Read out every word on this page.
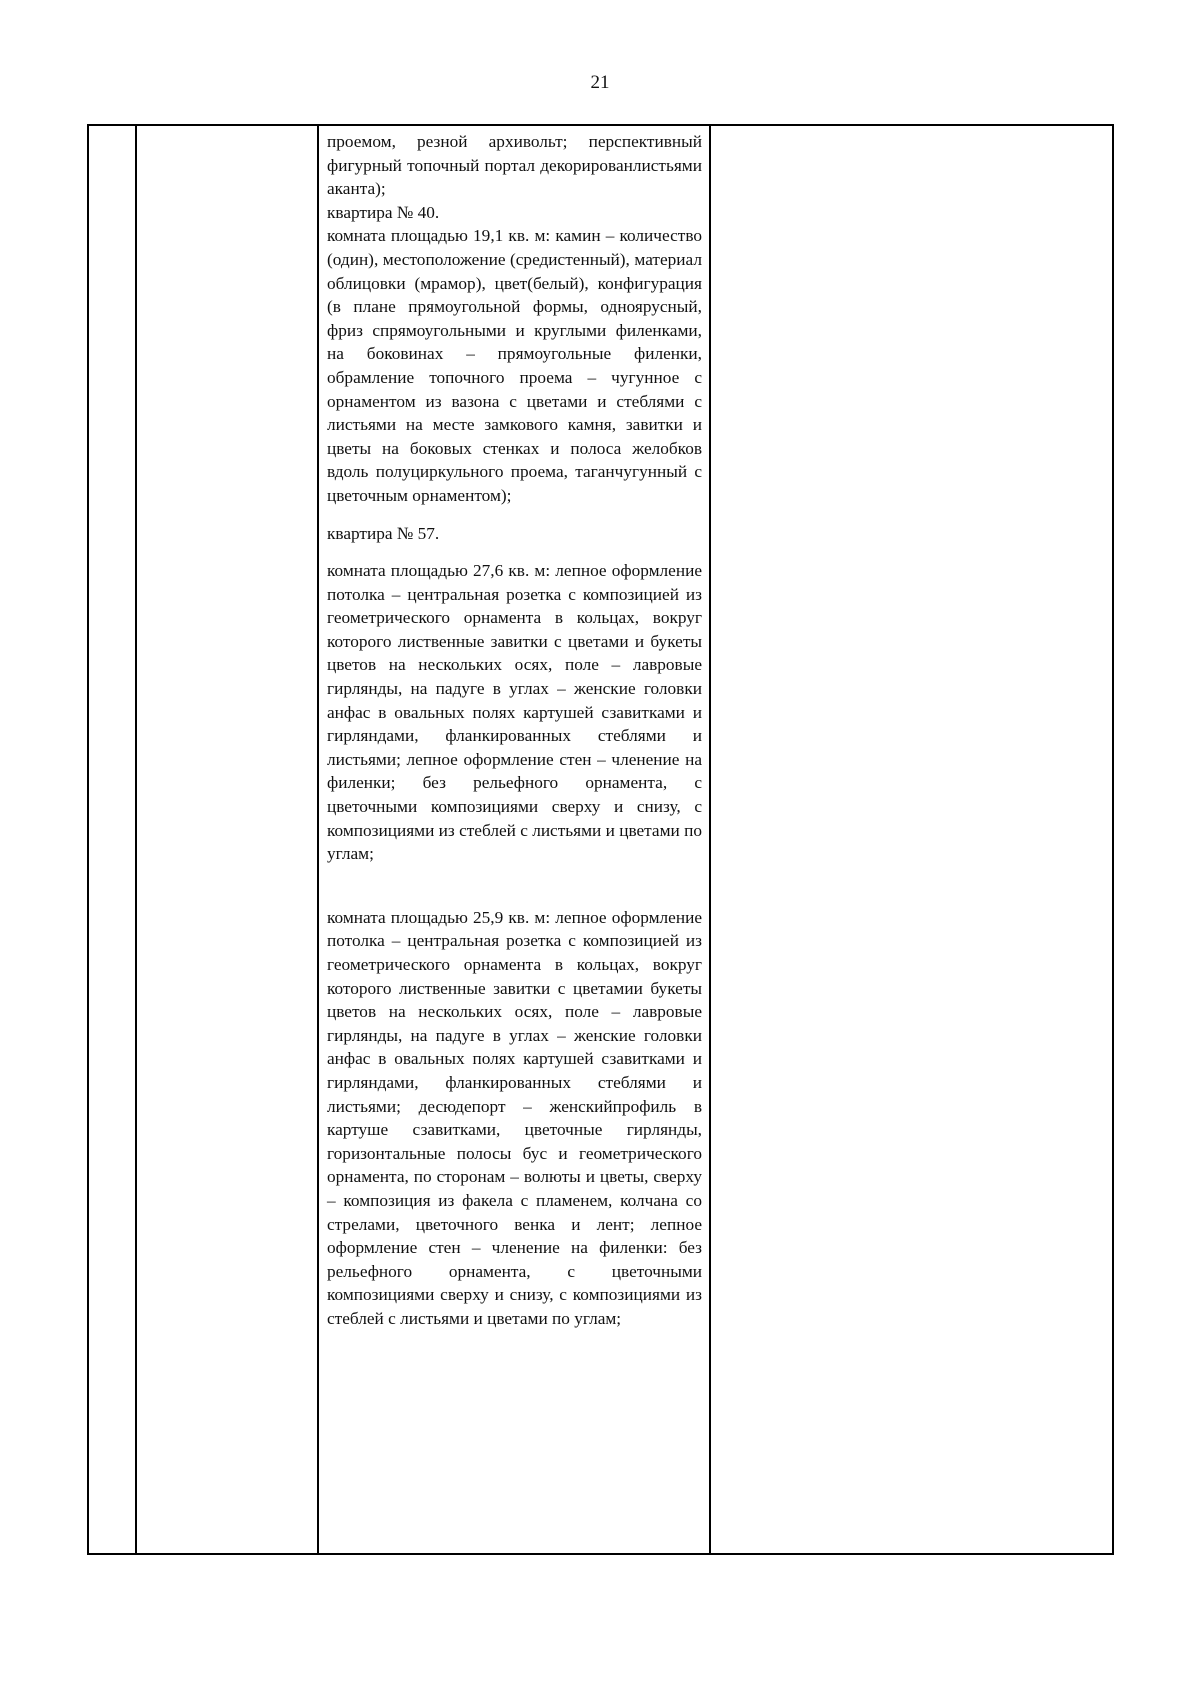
21

проемом, резной архивольт; перспективный фигурный топочный портал декорированлистьями аканта);

квартира № 40.

комната площадью 19,1 кв. м: камин – количество (один), местоположение (средистенный), материал облицовки (мрамор), цвет(белый), конфигурация (в плане прямоугольной формы, одноярусный, фриз спрямоугольными и круглыми филенками, на боковинах – прямоугольные филенки, обрамление топочного проема – чугунное с орнаментом из вазона с цветами и стеблями с листьями на месте замкового камня, завитки и цветы на боковых стенках и полоса желобков вдоль полуциркульного проема, таганчугунный с цветочным орнаментом);

квартира № 57.

комната площадью 27,6 кв. м: лепное оформление потолка – центральная розетка с композицией из геометрического орнамента в кольцах, вокруг которого лиственные завитки с цветами и букеты цветов на нескольких осях, поле – лавровые гирлянды, на падуге в углах – женские головки анфас в овальных полях картушей сзавитками и гирляндами, фланкированных стеблями и листьями; лепное оформление стен – членение на филенки; без рельефного орнамента, с цветочными композициями сверху и снизу, с композициями из стеблей с листьями и цветами по углам;

комната площадью 25,9 кв. м: лепное оформление потолка – центральная розетка с композицией из геометрического орнамента в кольцах, вокруг которого лиственные завитки с цветамии букеты цветов на нескольких осях, поле – лавровые гирлянды, на падуге в углах – женские головки анфас в овальных полях картушей сзавитками и гирляндами, фланкированных стеблями и листьями; десюдепорт – женскийпрофиль в картуше сзавитками, цветочные гирлянды, горизонтальные полосы бус и геометрического орнамента, по сторонам – волюты и цветы, сверху – композиция из факела с пламенем, колчана со стрелами, цветочного венка и лент; лепное оформление стен – членение на филенки: без рельефного орнамента, с цветочными композициями сверху и снизу, с композициями из стеблей с листьями и цветами по углам;
